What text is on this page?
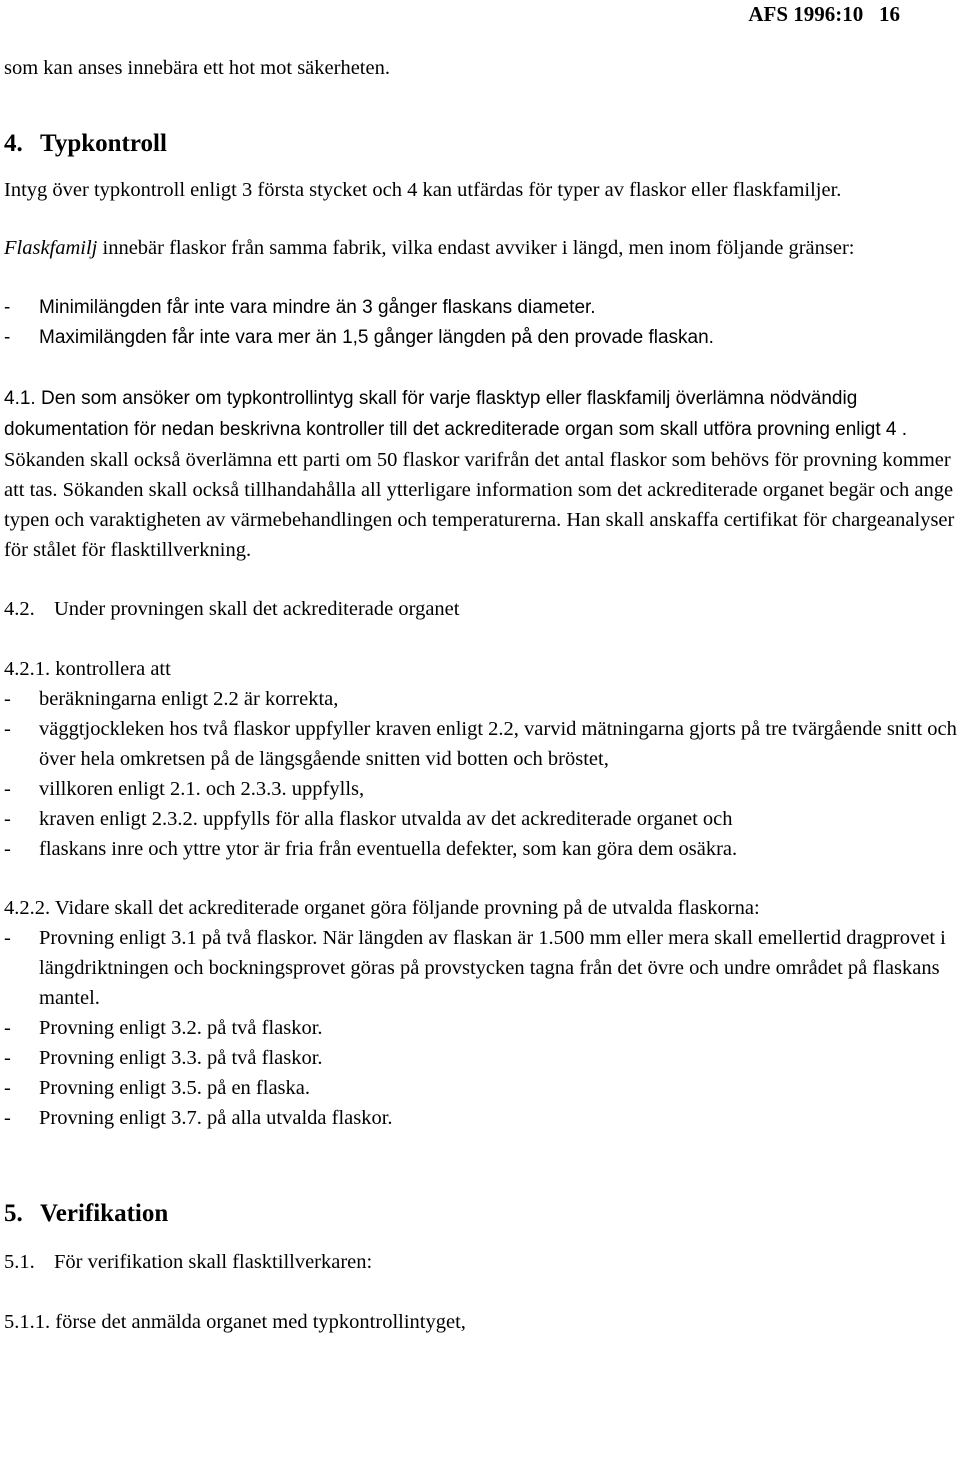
AFS 1996:10 16

som kan anses innebära ett hot mot säkerheten.

4. Typkontroll

Intyg över typkontroll enligt 3 första stycket och 4 kan utfärdas för typer av flaskor eller flaskfamiljer.

Flaskfamilj innebär flaskor från samma fabrik, vilka endast avviker i längd, men inom följande gränser:

- Minimilängden får inte vara mindre än 3 gånger flaskans diameter.
- Maximilängden får inte vara mer än 1,5 gånger längden på den provade flaskan.

4.1. Den som ansöker om typkontrollintyg skall för varje flasktyp eller flaskfamilj överlämna nödvändig dokumentation för nedan beskrivna kontroller till det ackrediterade organ som skall utföra provning enligt 4 . Sökanden skall också överlämna ett parti om 50 flaskor varifrån det antal flaskor som behövs för provning kommer att tas. Sökanden skall också tillhandahålla all ytterligare information som det ackrediterade organet begär och ange typen och varaktigheten av värmebehandlingen och temperaturerna. Han skall anskaffa certifikat för chargeanalyser för stålet för flasktillverkning.

4.2. Under provningen skall det ackrediterade organet

4.2.1. kontrollera att

- beräkningarna enligt 2.2 är korrekta,
- väggtjockleken hos två flaskor uppfyller kraven enligt 2.2, varvid mätningarna gjorts på tre tvärgående snitt och över hela omkretsen på de längsgående snitten vid botten och bröstet,
- villkoren enligt 2.1. och 2.3.3. uppfylls,
- kraven enligt 2.3.2. uppfylls för alla flaskor utvalda av det ackrediterade organet och
- flaskans inre och yttre ytor är fria från eventuella defekter, som kan göra dem osäkra.

4.2.2. Vidare skall det ackrediterade organet göra följande provning på de utvalda flaskorna:

- Provning enligt 3.1 på två flaskor. När längden av flaskan är 1.500 mm eller mera skall emellertid dragprovet i längdriktningen och bockningsprovet göras på provstycken tagna från det övre och undre området på flaskans mantel.
- Provning enligt 3.2. på två flaskor.
- Provning enligt 3.3. på två flaskor.
- Provning enligt 3.5. på en flaska.
- Provning enligt 3.7. på alla utvalda flaskor.
5. Verifikation

5.1. För verifikation skall flasktillverkaren:

5.1.1. förse det anmälda organet med typkontrollintyget,
